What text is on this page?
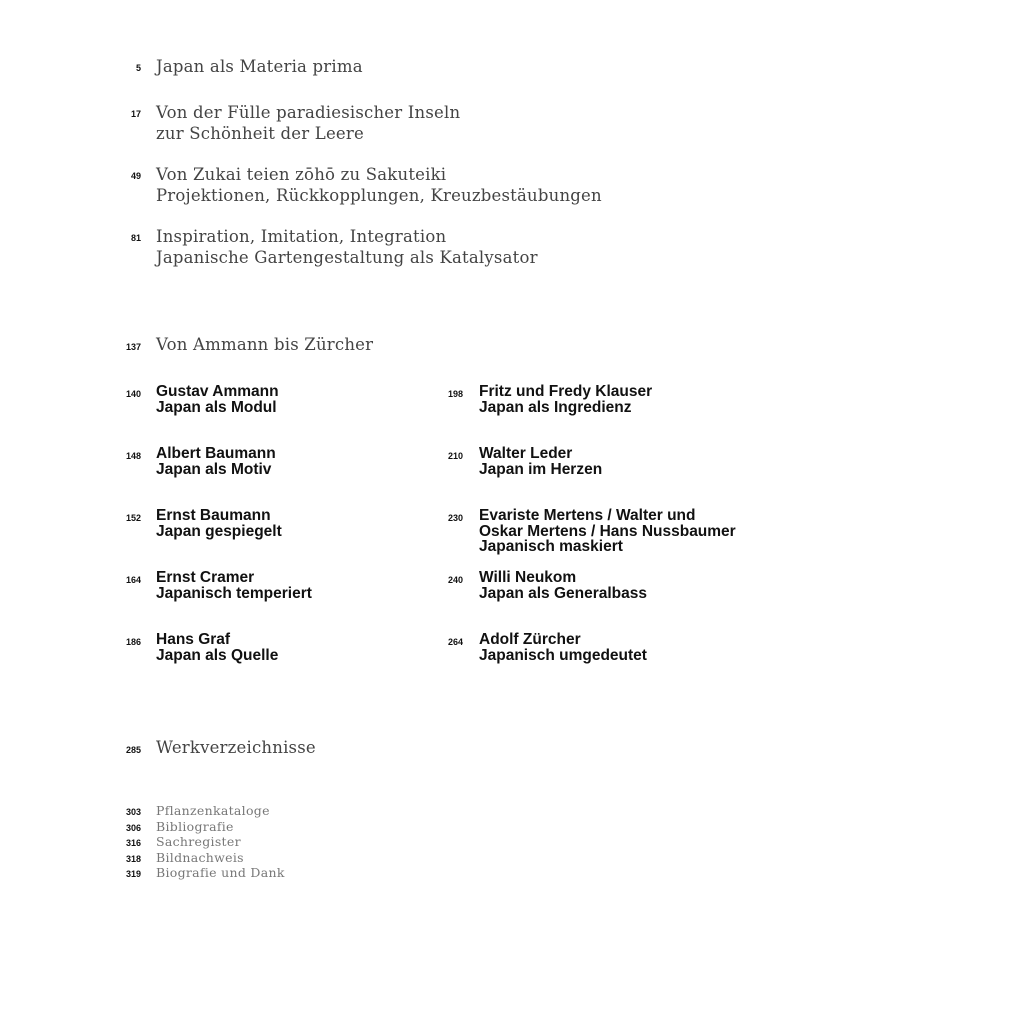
5 Japan als Materia prima
17 Von der Fülle paradiesischer Inseln
zur Schönheit der Leere
49 Von Zukai teien zōhō zu Sakuteiki
Projektionen, Rückkopplungen, Kreuzbestäubungen
81 Inspiration, Imitation, Integration
Japanische Gartengestaltung als Katalysator
137 Von Ammann bis Zürcher
140 Gustav Ammann
Japan als Modul
148 Albert Baumann
Japan als Motiv
152 Ernst Baumann
Japan gespiegelt
164 Ernst Cramer
Japanisch temperiert
186 Hans Graf
Japan als Quelle
198 Fritz und Fredy Klauser
Japan als Ingredienz
210 Walter Leder
Japan im Herzen
230 Evariste Mertens / Walter und
Oskar Mertens / Hans Nussbaumer
Japanisch maskiert
240 Willi Neukom
Japan als Generalbass
264 Adolf Zürcher
Japanisch umgedeutet
285 Werkverzeichnisse
303
306
316
318
319
Pflanzenkataloge
Bibliografie
Sachregister
Bildnachweis
Biografie und Dank
